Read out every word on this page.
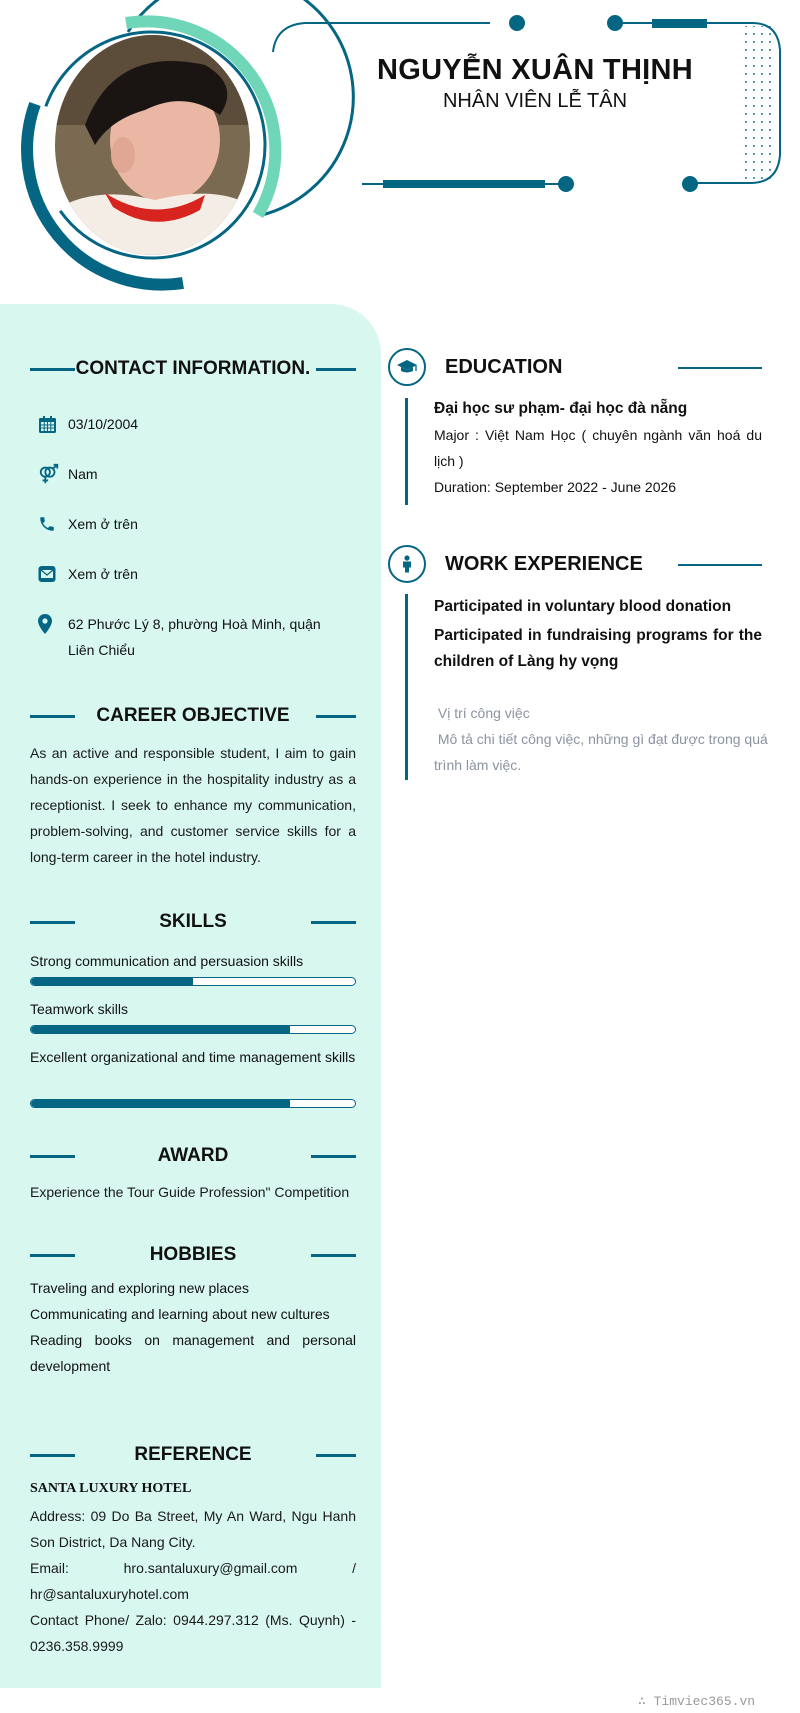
NGUYỄN XUÂN THỊNH
NHÂN VIÊN LỄ TÂN
CONTACT INFORMATION.
03/10/2004
Nam
Xem ở trên
Xem ở trên
62 Phước Lý 8, phường Hoà Minh, quận Liên Chiểu
CAREER OBJECTIVE
As an active and responsible student, I aim to gain hands-on experience in the hospitality industry as a receptionist. I seek to enhance my communication, problem-solving, and customer service skills for a long-term career in the hotel industry.
SKILLS
Strong communication and persuasion skills
Teamwork skills
Excellent organizational and time management skills
AWARD
Experience the Tour Guide Profession" Competition
HOBBIES
Traveling and exploring new places
Communicating and learning about new cultures
Reading books on management and personal development
REFERENCE
SANTA LUXURY HOTEL
Address: 09 Do Ba Street, My An Ward, Ngu Hanh Son District, Da Nang City.
Email: hro.santaluxury@gmail.com / hr@santaluxuryhotel.com
Contact Phone/ Zalo: 0944.297.312 (Ms. Quynh) - 0236.358.9999
EDUCATION
Đại học sư phạm- đại học đà nẵng
Major : Việt Nam Học ( chuyên ngành văn hoá du lịch )
Duration: September 2022 - June 2026
WORK EXPERIENCE
Participated in voluntary blood donation
Participated in fundraising programs for the children of Làng hy vọng
Vị trí công việc
Mô tả chi tiết công việc, những gì đạt được trong quá trình làm việc.
∴ Timviec365.vn
